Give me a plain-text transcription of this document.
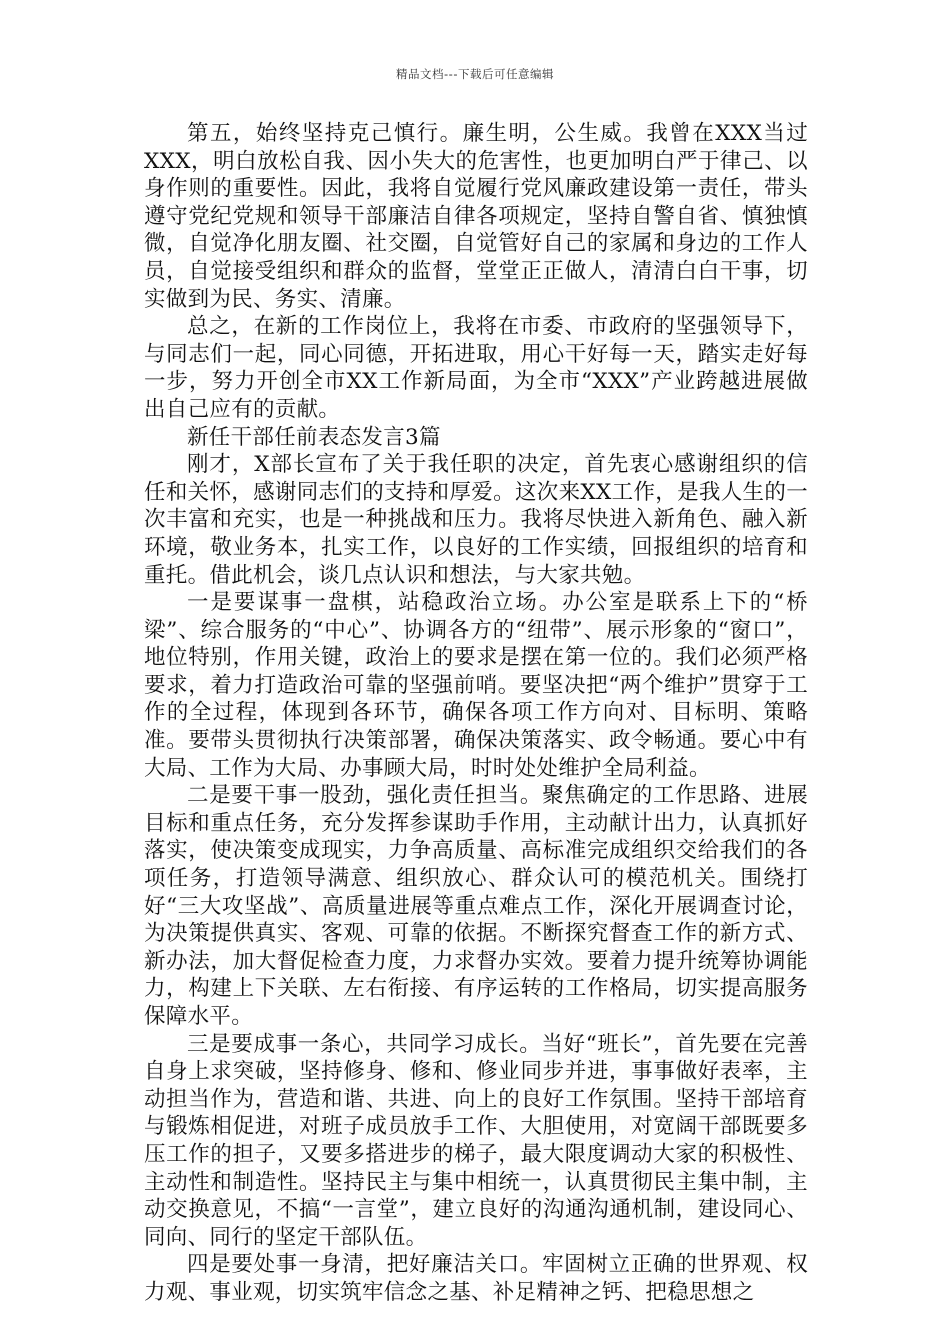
精品文档---下载后可任意编辑

第五，始终坚持克己慎行。廉生明，公生威。我曾在XXX当过XXX，明白放松自我、因小失大的危害性，也更加明白严于律己、以身作则的重要性。因此，我将自觉履行党风廉政建设第一责任，带头遵守党纪党规和领导干部廉洁自律各项规定，坚持自警自省、慎独慎微，自觉净化朋友圈、社交圈，自觉管好自己的家属和身边的工作人员，自觉接受组织和群众的监督，堂堂正正做人，清清白白干事，切实做到为民、务实、清廉。

总之，在新的工作岗位上，我将在市委、市政府的坚强领导下，与同志们一起，同心同德，开拓进取，用心干好每一天，踏实走好每一步，努力开创全市XX工作新局面，为全市“XXX”产业跨越进展做出自己应有的贡献。

新任干部任前表态发言3篇

刚才，X部长宣布了关于我任职的决定，首先衷心感谢组织的信任和关怀，感谢同志们的支持和厚爱。这次来XX工作，是我人生的一次丰富和充实，也是一种挑战和压力。我将尽快进入新角色、融入新环境，敬业务本，扎实工作，以良好的工作实绩，回报组织的培育和重托。借此机会，谈几点认识和想法，与大家共勉。

一是要谋事一盘棋，站稳政治立场。办公室是联系上下的“桥梁”、综合服务的“中心”、协调各方的“纽带”、展示形象的“窗口”，地位特别，作用关键，政治上的要求是摆在第一位的。我们必须严格要求，着力打造政治可靠的坚强前哨。要坚决把“两个维护”贯穿于工作的全过程，体现到各环节，确保各项工作方向对、目标明、策略准。要带头贯彻执行决策部署，确保决策落实、政令畅通。要心中有大局、工作为大局、办事顾大局，时时处处维护全局利益。

二是要干事一股劲，强化责任担当。聚焦确定的工作思路、进展目标和重点任务，充分发挥参谋助手作用，主动献计出力，认真抓好落实，使决策变成现实，力争高质量、高标准完成组织交给我们的各项任务，打造领导满意、组织放心、群众认可的模范机关。围绕打好“三大攻坚战”、高质量进展等重点难点工作，深化开展调查讨论，为决策提供真实、客观、可靠的依据。不断探究督查工作的新方式、新办法，加大督促检查力度，力求督办实效。要着力提升统筹协调能力，构建上下关联、左右衔接、有序运转的工作格局，切实提高服务保障水平。

三是要成事一条心，共同学习成长。当好“班长”，首先要在完善自身上求突破，坚持修身、修和、修业同步并进，事事做好表率，主动担当作为，营造和谐、共进、向上的良好工作氛围。坚持干部培育与锻炼相促进，对班子成员放手工作、大胆使用，对宽阔干部既要多压工作的担子，又要多搭进步的梯子，最大限度调动大家的积极性、主动性和制造性。坚持民主与集中相统一，认真贯彻民主集中制，主动交换意见，不搞“一言堂”，建立良好的沟通沟通机制，建设同心、同向、同行的坚定干部队伍。

四是要处事一身清，把好廉洁关口。牢固树立正确的世界观、权力观、事业观，切实筑牢信念之基、补足精神之钙、把稳思想之
